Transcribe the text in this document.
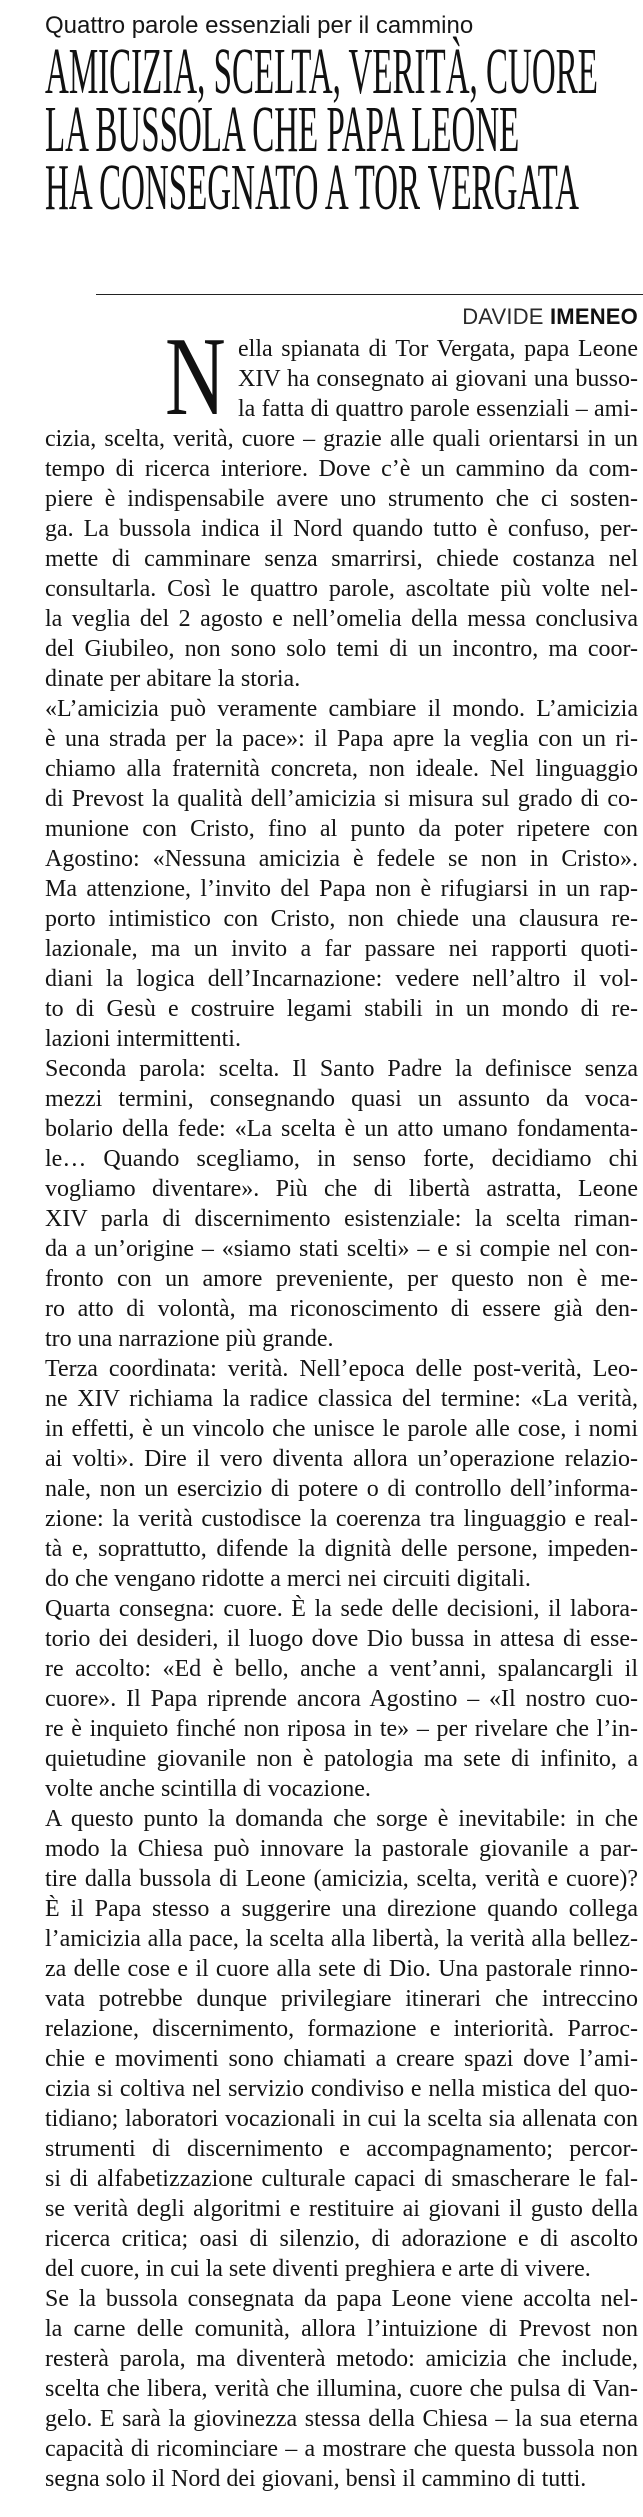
Quattro parole essenziali per il cammino
AMICIZIA, SCELTA, VERITÀ, CUORE
LA BUSSOLA CHE PAPA LEONE
HA CONSEGNATO A TOR VERGATA
DAVIDE IMENEO
N ella spianata di Tor Vergata, papa Leone
XIV ha consegnato ai giovani una busso-
la fatta di quattro parole essenziali – ami-
cizia, scelta, verità, cuore – grazie alle quali orientarsi in un
tempo di ricerca interiore. Dove c’è un cammino da com-
piere è indispensabile avere uno strumento che ci sosten-
ga. La bussola indica il Nord quando tutto è confuso, per-
mette di camminare senza smarrirsi, chiede costanza nel
consultarla. Così le quattro parole, ascoltate più volte nel-
la veglia del 2 agosto e nell’omelia della messa conclusiva
del Giubileo, non sono solo temi di un incontro, ma coor-
dinate per abitare la storia.
«L’amicizia può veramente cambiare il mondo. L’amicizia
è una strada per la pace»: il Papa apre la veglia con un ri-
chiamo alla fraternità concreta, non ideale. Nel linguaggio
di Prevost la qualità dell’amicizia si misura sul grado di co-
munione con Cristo, fino al punto da poter ripetere con
Agostino: «Nessuna amicizia è fedele se non in Cristo».
Ma attenzione, l’invito del Papa non è rifugiarsi in un rap-
porto intimistico con Cristo, non chiede una clausura re-
lazionale, ma un invito a far passare nei rapporti quoti-
diani la logica dell’Incarnazione: vedere nell’altro il vol-
to di Gesù e costruire legami stabili in un mondo di re-
lazioni intermittenti.
Seconda parola: scelta. Il Santo Padre la definisce senza
mezzi termini, consegnando quasi un assunto da voca-
bolario della fede: «La scelta è un atto umano fondamenta-
le… Quando scegliamo, in senso forte, decidiamo chi
vogliamo diventare». Più che di libertà astratta, Leone
XIV parla di discernimento esistenziale: la scelta riman-
da a un’origine – «siamo stati scelti» – e si compie nel con-
fronto con un amore preveniente, per questo non è me-
ro atto di volontà, ma riconoscimento di essere già den-
tro una narrazione più grande.
Terza coordinata: verità. Nell’epoca delle post-verità, Leo-
ne XIV richiama la radice classica del termine: «La verità,
in effetti, è un vincolo che unisce le parole alle cose, i nomi
ai volti». Dire il vero diventa allora un’operazione relazio-
nale, non un esercizio di potere o di controllo dell’informa-
zione: la verità custodisce la coerenza tra linguaggio e real-
tà e, soprattutto, difende la dignità delle persone, impeden-
do che vengano ridotte a merci nei circuiti digitali.
Quarta consegna: cuore. È la sede delle decisioni, il labora-
torio dei desideri, il luogo dove Dio bussa in attesa di esse-
re accolto: «Ed è bello, anche a vent’anni, spalancargli il
cuore». Il Papa riprende ancora Agostino – «Il nostro cuo-
re è inquieto finché non riposa in te» – per rivelare che l’in-
quietudine giovanile non è patologia ma sete di infinito, a
volte anche scintilla di vocazione.
A questo punto la domanda che sorge è inevitabile: in che
modo la Chiesa può innovare la pastorale giovanile a par-
tire dalla bussola di Leone (amicizia, scelta, verità e cuore)?
È il Papa stesso a suggerire una direzione quando collega
l’amicizia alla pace, la scelta alla libertà, la verità alla bellez-
za delle cose e il cuore alla sete di Dio. Una pastorale rinno-
vata potrebbe dunque privilegiare itinerari che intreccino
relazione, discernimento, formazione e interiorità. Parroc-
chie e movimenti sono chiamati a creare spazi dove l’ami-
cizia si coltiva nel servizio condiviso e nella mistica del quo-
tidiano; laboratori vocazionali in cui la scelta sia allenata con
strumenti di discernimento e accompagnamento; percor-
si di alfabetizzazione culturale capaci di smascherare le fal-
se verità degli algoritmi e restituire ai giovani il gusto della
ricerca critica; oasi di silenzio, di adorazione e di ascolto
del cuore, in cui la sete diventi preghiera e arte di vivere.
Se la bussola consegnata da papa Leone viene accolta nel-
la carne delle comunità, allora l’intuizione di Prevost non
resterà parola, ma diventerà metodo: amicizia che include,
scelta che libera, verità che illumina, cuore che pulsa di Van-
gelo. E sarà la giovinezza stessa della Chiesa – la sua eterna
capacità di ricominciare – a mostrare che questa bussola non
segna solo il Nord dei giovani, bensì il cammino di tutti.
